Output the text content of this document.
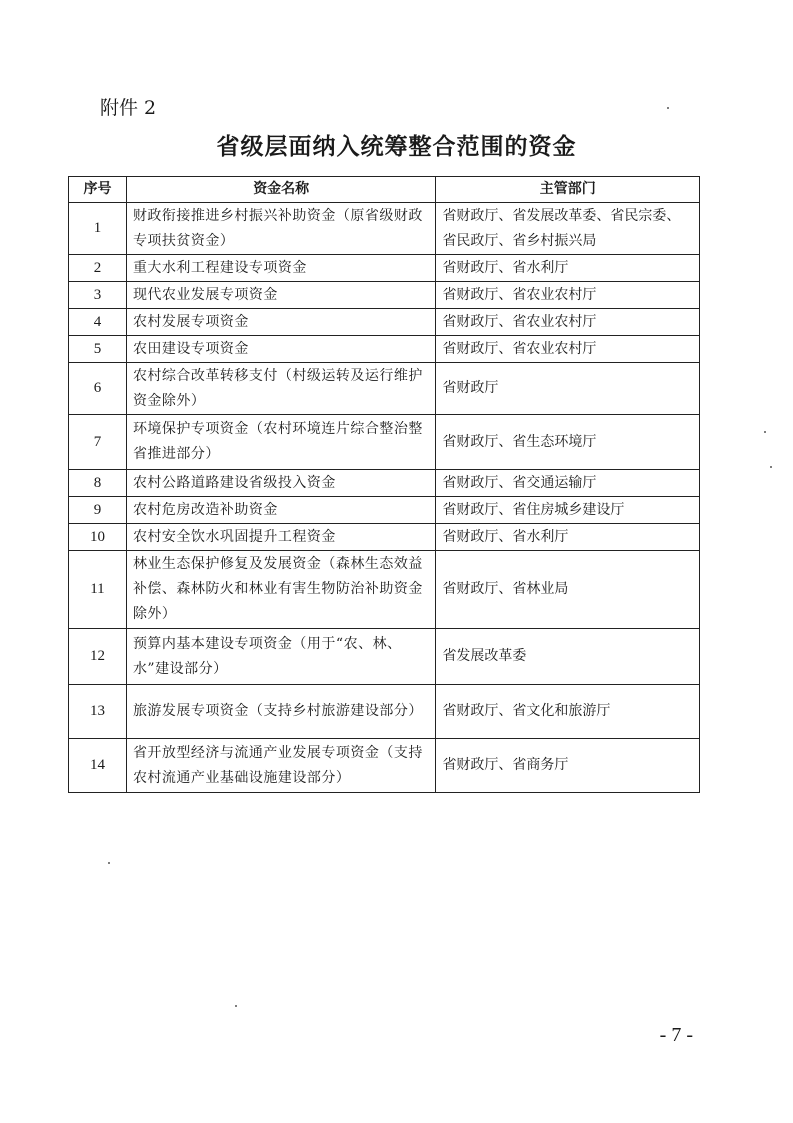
附件 2
省级层面纳入统筹整合范围的资金
序号	资金名称	主管部门
1	财政衔接推进乡村振兴补助资金（原省级财政专项扶贫资金）	省财政厅、省发展改革委、省民宗委、省民政厅、省乡村振兴局
2	重大水利工程建设专项资金	省财政厅、省水利厅
3	现代农业发展专项资金	省财政厅、省农业农村厅
4	农村发展专项资金	省财政厅、省农业农村厅
5	农田建设专项资金	省财政厅、省农业农村厅
6	农村综合改革转移支付（村级运转及运行维护资金除外）	省财政厅
7	环境保护专项资金（农村环境连片综合整治整省推进部分）	省财政厅、省生态环境厅
8	农村公路道路建设省级投入资金	省财政厅、省交通运输厅
9	农村危房改造补助资金	省财政厅、省住房城乡建设厅
10	农村安全饮水巩固提升工程资金	省财政厅、省水利厅
11	林业生态保护修复及发展资金（森林生态效益补偿、森林防火和林业有害生物防治补助资金除外）	省财政厅、省林业局
12	预算内基本建设专项资金（用于“农、林、水”建设部分）	省发展改革委
13	旅游发展专项资金（支持乡村旅游建设部分）	省财政厅、省文化和旅游厅
14	省开放型经济与流通产业发展专项资金（支持农村流通产业基础设施建设部分）	省财政厅、省商务厅
- 7 -
